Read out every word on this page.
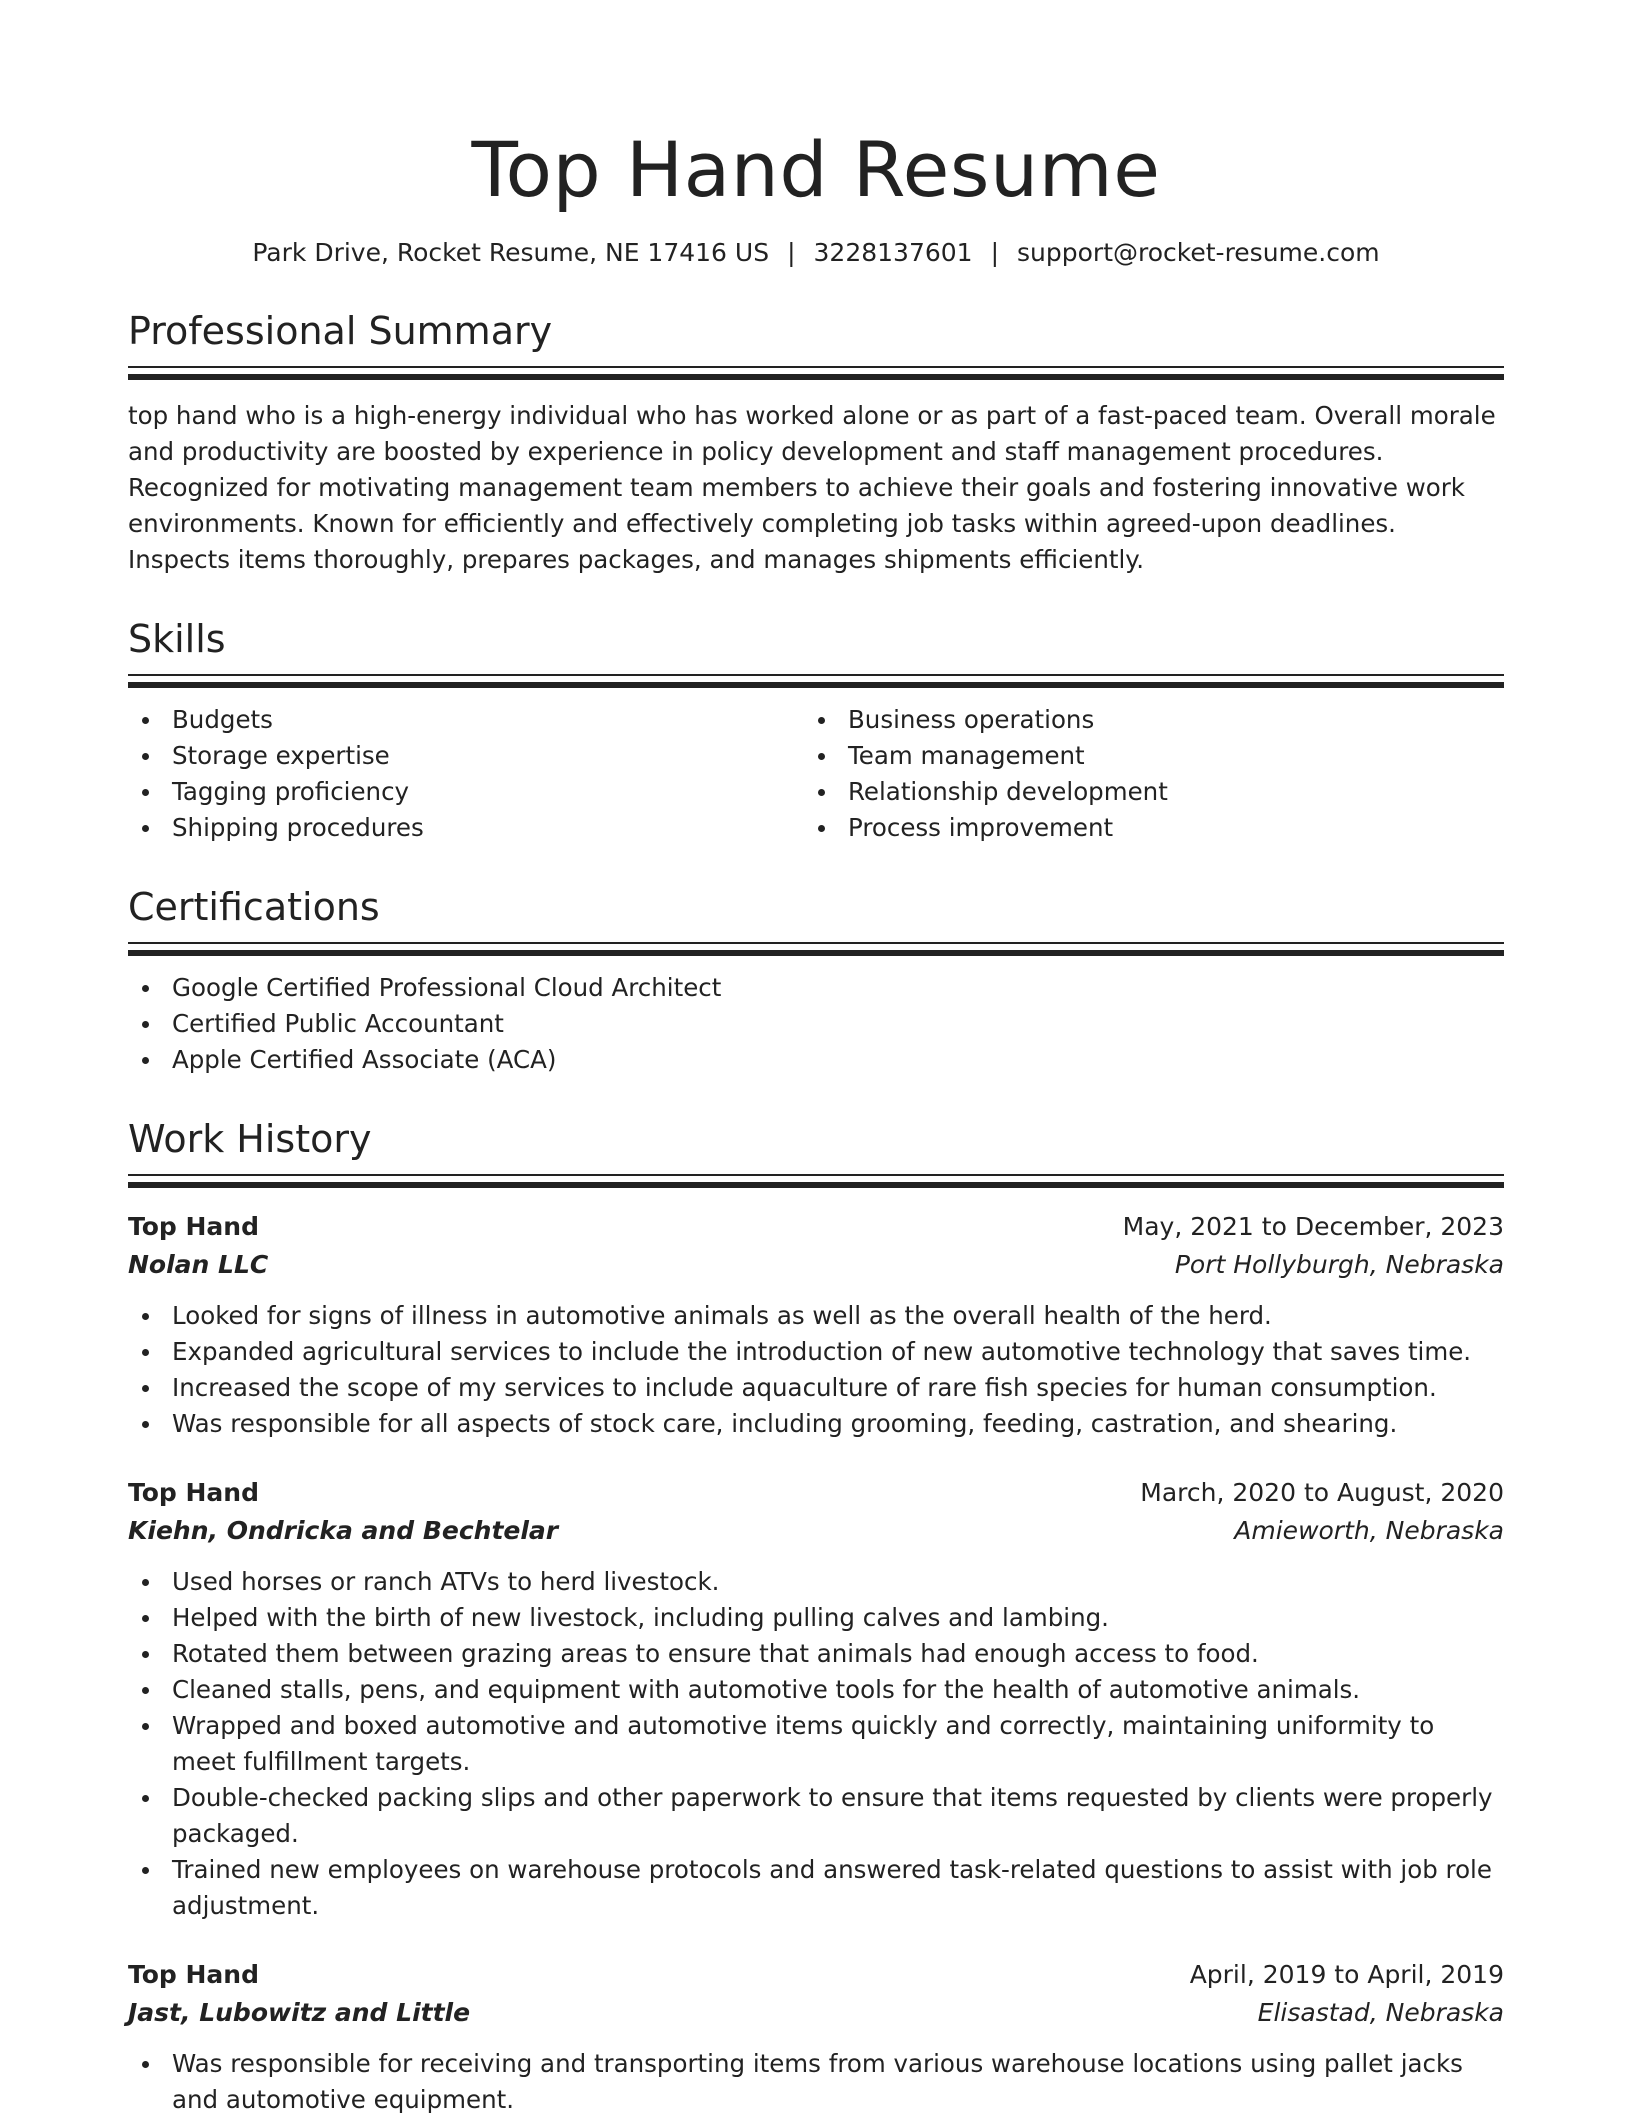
Top Hand Resume
Park Drive, Rocket Resume, NE 17416 US | 3228137601 | support@rocket-resume.com
Professional Summary
top hand who is a high-energy individual who has worked alone or as part of a fast-paced team. Overall morale and productivity are boosted by experience in policy development and staff management procedures. Recognized for motivating management team members to achieve their goals and fostering innovative work environments. Known for efficiently and effectively completing job tasks within agreed-upon deadlines. Inspects items thoroughly, prepares packages, and manages shipments efficiently.
Skills
Budgets
Storage expertise
Tagging proficiency
Shipping procedures
Business operations
Team management
Relationship development
Process improvement
Certifications
Google Certified Professional Cloud Architect
Certified Public Accountant
Apple Certified Associate (ACA)
Work History
Top Hand	May, 2021 to December, 2023
Nolan LLC	Port Hollyburgh, Nebraska
Looked for signs of illness in automotive animals as well as the overall health of the herd.
Expanded agricultural services to include the introduction of new automotive technology that saves time.
Increased the scope of my services to include aquaculture of rare fish species for human consumption.
Was responsible for all aspects of stock care, including grooming, feeding, castration, and shearing.
Top Hand	March, 2020 to August, 2020
Kiehn, Ondricka and Bechtelar	Amieworth, Nebraska
Used horses or ranch ATVs to herd livestock.
Helped with the birth of new livestock, including pulling calves and lambing.
Rotated them between grazing areas to ensure that animals had enough access to food.
Cleaned stalls, pens, and equipment with automotive tools for the health of automotive animals.
Wrapped and boxed automotive and automotive items quickly and correctly, maintaining uniformity to meet fulfillment targets.
Double-checked packing slips and other paperwork to ensure that items requested by clients were properly packaged.
Trained new employees on warehouse protocols and answered task-related questions to assist with job role adjustment.
Top Hand	April, 2019 to April, 2019
Jast, Lubowitz and Little	Elisastad, Nebraska
Was responsible for receiving and transporting items from various warehouse locations using pallet jacks and automotive equipment.
